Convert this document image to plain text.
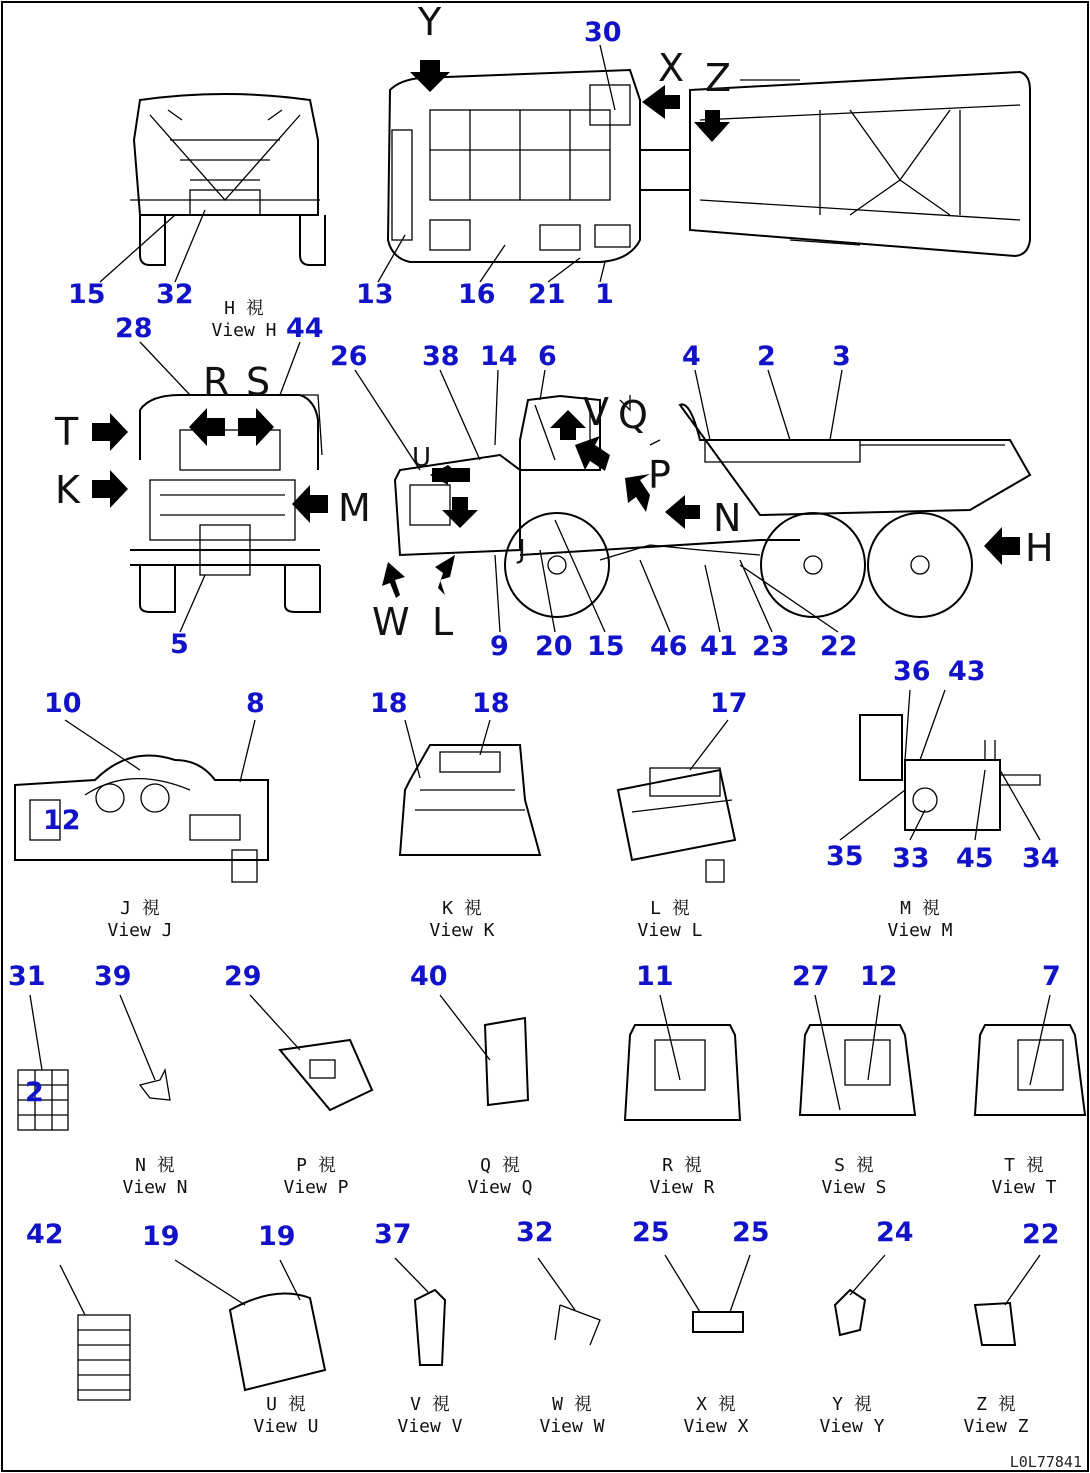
Y
X Z
R S
T
K	M
U
W L
N
P
Q
V
H
J
30
15 32	13 16 21 1
28	44
26 38 14 6	4 2 3
5	9 20 15 46 41 23 22
10	8
12
18 18	17
36 43
35 33 45 34
31 39	29	40	11	27 12	7
2
42	19	19	37	32	25 25	24	22
H 視
View H
J 視
View J
K 視
View K
L 視
View L
M 視
View M
N 視
View N
P 視
View P
Q 視
View Q
R 視
View R
S 視
View S
T 視
View T
U 視
View U
V 視
View V
W 視
View W
X 視
View X
Y 視
View Y
Z 視
View Z
L0L77841
